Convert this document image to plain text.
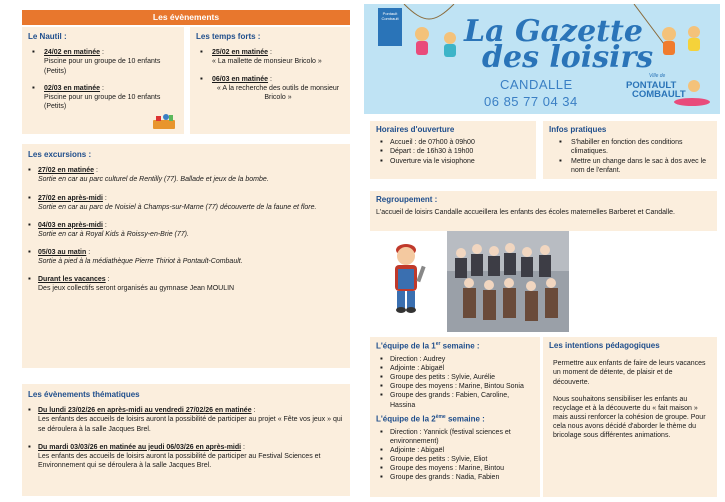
Les évènements
Le Nautil :
▪ 24/02 en matinée :
Piscine pour un groupe de 10 enfants (Petits)
▪ 02/03 en matinée :
Piscine pour un groupe de 10 enfants (Petits)
Les temps forts :
▪ 25/02 en matinée :
« La mallette de monsieur Bricolo »
▪ 06/03 en matinée :
« A la recherche des outils de monsieur Bricolo »
Les excursions :
▪ 27/02 en matinée :
Sortie en car au parc culturel de Rentilly (77). Ballade et jeux de la bombe.
▪ 27/02 en après-midi :
Sortie en car au parc de Noisiel à Champs-sur-Marne (77) découverte de la faune et flore.
▪ 04/03 en après-midi :
Sortie en car à Royal Kids à Roissy-en-Brie (77).
▪ 05/03 au matin :
Sortie à pied à la médiathèque Pierre Thiriot à Pontault-Combault.
▪ Durant les vacances :
Des jeux collectifs seront organisés au gymnase Jean MOULIN
Les évènements thématiques
▪ Du lundi 23/02/26 en après-midi au vendredi 27/02/26 en matinée :
Les enfants des accueils de loisirs auront la possibilité de participer au projet « Fête vos jeux » qui se déroulera à la salle Jacques Brel.
▪ Du mardi 03/03/26 en matinée au jeudi 06/03/26 en après-midi :
Les enfants des accueils de loisirs auront la possibilité de participer au Festival Sciences et Environnement qui se déroulera à la salle Jacques Brel.
Pontault Combault La Gazette
des loisirs
CANDALLE
06 85 77 04 34
Ville de
PONTAULT
COMBAULT
Horaires d'ouverture
▪ Accueil : de 07h00 à 09h00
▪ Départ : de 16h30 à 19h00
▪ Ouverture via le visiophone
Infos pratiques
▪ S'habiller en fonction des conditions climatiques.
▪ Mettre un change dans le sac à dos avec le nom de l'enfant.
Regroupement :
L'accueil de loisirs Candalle accueillera les enfants des écoles maternelles Barberet et Candalle.
L'équipe de la 1er semaine :
▪ Direction : Audrey
▪ Adjointe : Abigaël
▪ Groupe des petits : Sylvie, Aurélie
▪ Groupe des moyens : Marine, Bintou Sonia
▪ Groupe des grands : Fabien, Caroline, Hassina
L'équipe de la 2ème semaine :
▪ Direction : Yannick (festival sciences et environnement)
▪ Adjointe : Abigaël
▪ Groupe des petits : Sylvie, Eliot
▪ Groupe des moyens : Marine, Bintou
▪ Groupe des grands : Nadia, Fabien
Les intentions pédagogiques

Permettre aux enfants de faire de leurs vacances un moment de détente, de plaisir et de découverte.

Nous souhaitons sensibiliser les enfants au recyclage et à la découverte du « fait maison » mais aussi renforcer la cohésion de groupe. Pour cela nous avons décidé d'aborder le thème du bricolage sous différentes animations.
